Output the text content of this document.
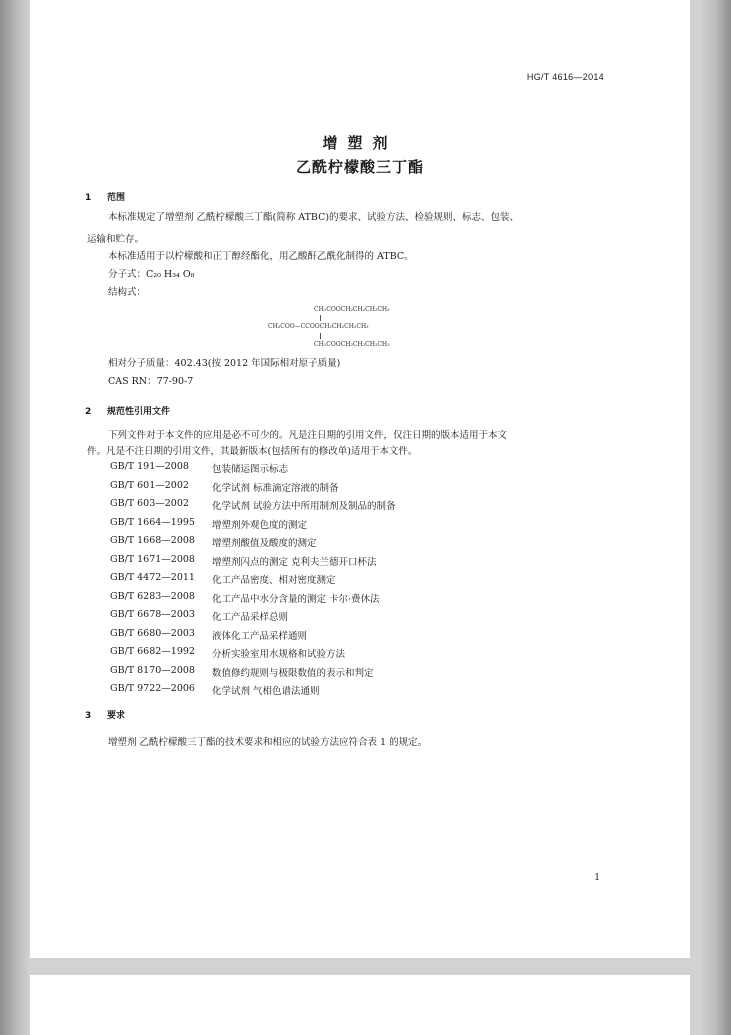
HG/T 4616—2014
增塑剂
乙酰柠檬酸三丁酯
1 范围
本标准规定了增塑剂 乙酰柠檬酸三丁酯(简称 ATBC)的要求、试验方法、检验规则、标志、包装、
运输和贮存。
本标准适用于以柠檬酸和正丁醇经酯化，用乙酸酐乙酰化制得的 ATBC。
分子式：C₂₀ H₃₄ O₈
结构式：
CH₂COOCH₂CH₂CH₂CH₃
CH₃COO—CCOOCH₂CH₂CH₂CH₃
CH₂COOCH₂CH₂CH₂CH₃
相对分子质量：402.43(按 2012 年国际相对原子质量)
CAS RN：77-90-7
2 规范性引用文件
下列文件对于本文件的应用是必不可少的。凡是注日期的引用文件，仅注日期的版本适用于本文
件。凡是不注日期的引用文件，其最新版本(包括所有的修改单)适用于本文件。
GB/T 191—2008	包装储运图示标志
GB/T 601—2002	化学试剂 标准滴定溶液的制备
GB/T 603—2002	化学试剂 试验方法中所用制剂及制品的制备
GB/T 1664—1995	增塑剂外观色度的测定
GB/T 1668—2008	增塑剂酸值及酸度的测定
GB/T 1671—2008	增塑剂闪点的测定 克利夫兰德开口杯法
GB/T 4472—2011	化工产品密度、相对密度测定
GB/T 6283—2008	化工产品中水分含量的测定 卡尔·费休法
GB/T 6678—2003	化工产品采样总则
GB/T 6680—2003	液体化工产品采样通则
GB/T 6682—1992	分析实验室用水规格和试验方法
GB/T 8170—2008	数值修约规则与极限数值的表示和判定
GB/T 9722—2006	化学试剂 气相色谱法通则
3 要求
增塑剂 乙酰柠檬酸三丁酯的技术要求和相应的试验方法应符合表 1 的规定。
1
